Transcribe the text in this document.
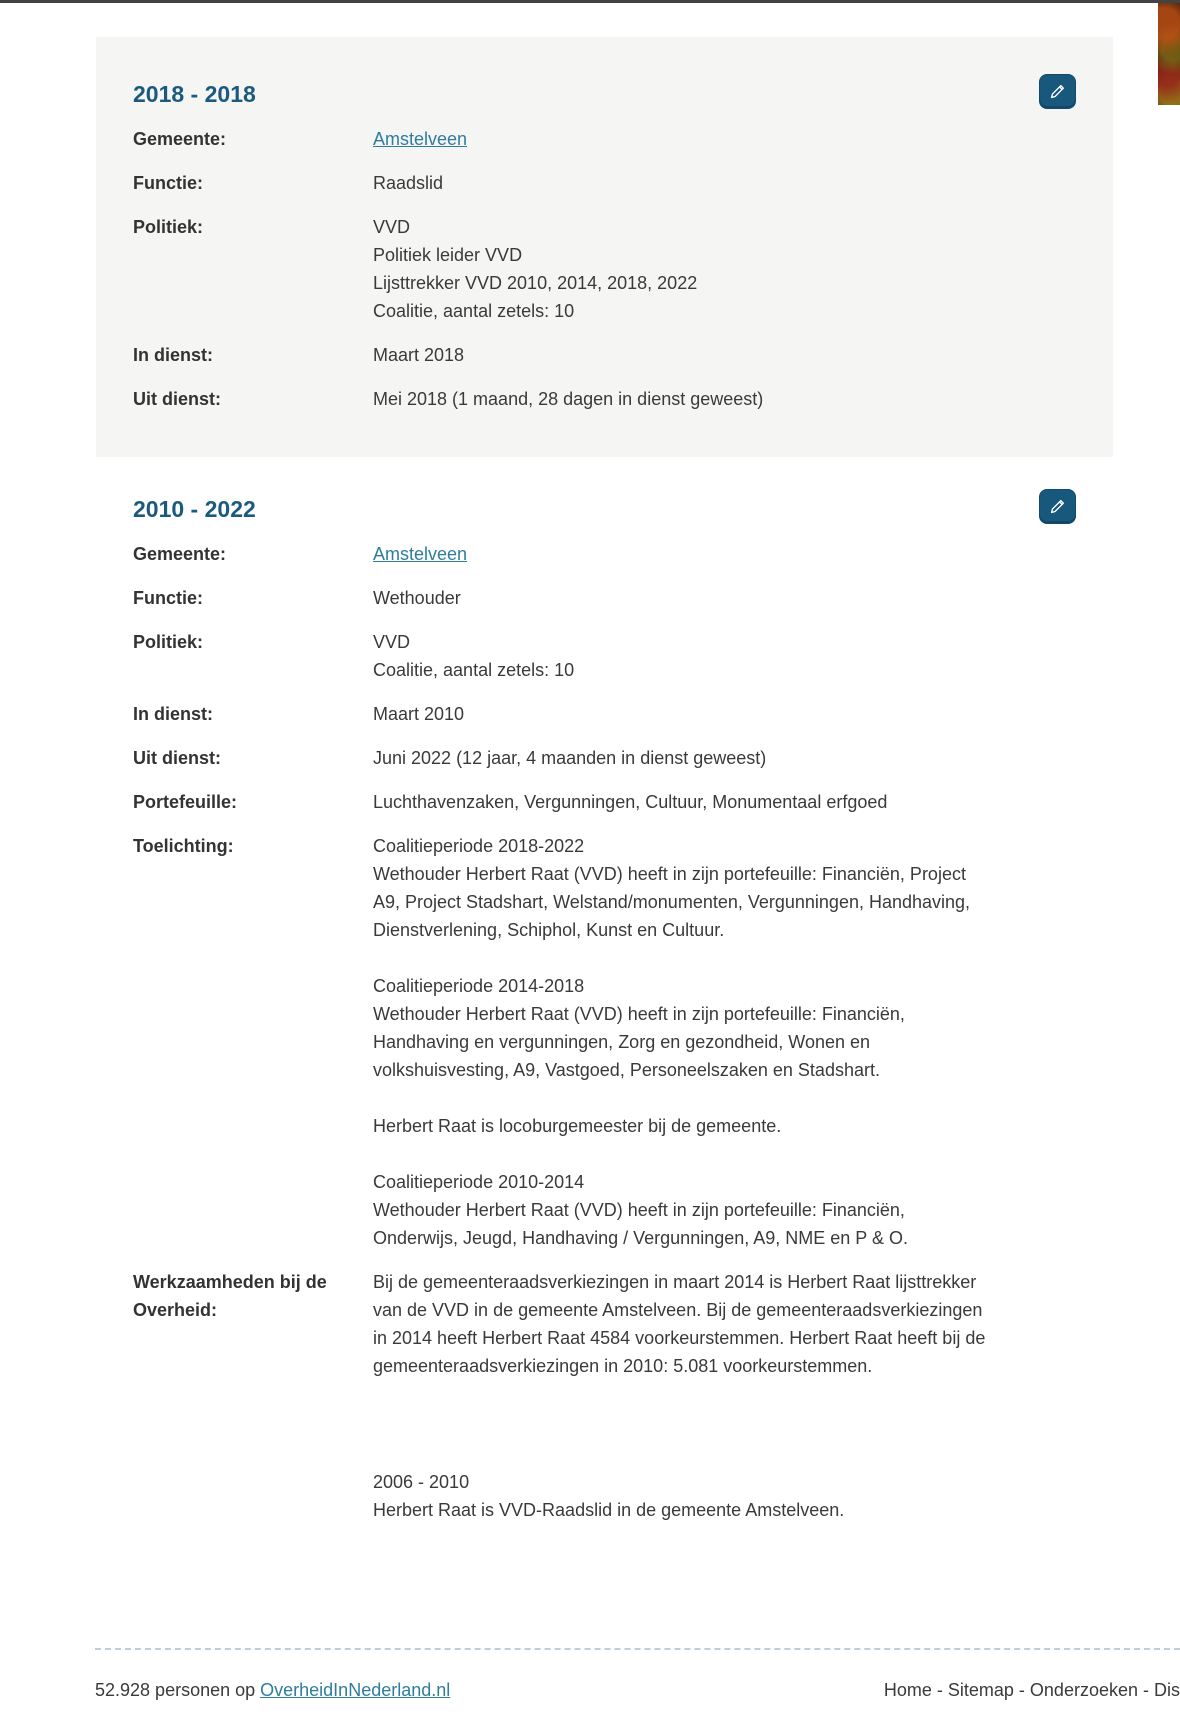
2018 - 2018
Gemeente:	Amstelveen
Functie:	Raadslid
Politiek:	VVD
Politiek leider VVD
Lijsttrekker VVD 2010, 2014, 2018, 2022
Coalitie, aantal zetels: 10
In dienst:	Maart 2018
Uit dienst:	Mei 2018 (1 maand, 28 dagen in dienst geweest)
2010 - 2022
Gemeente:	Amstelveen
Functie:	Wethouder
Politiek:	VVD
Coalitie, aantal zetels: 10
In dienst:	Maart 2010
Uit dienst:	Juni 2022 (12 jaar, 4 maanden in dienst geweest)
Portefeuille:	Luchthavenzaken, Vergunningen, Cultuur, Monumentaal erfgoed
Toelichting:	Coalitieperiode 2018-2022
Wethouder Herbert Raat (VVD) heeft in zijn portefeuille: Financiën, Project A9, Project Stadshart, Welstand/monumenten, Vergunningen, Handhaving, Dienstverlening, Schiphol, Kunst en Cultuur.
Coalitieperiode 2014-2018
Wethouder Herbert Raat (VVD) heeft in zijn portefeuille: Financiën, Handhaving en vergunningen, Zorg en gezondheid, Wonen en volkshuisvesting, A9, Vastgoed, Personeelszaken en Stadshart.
Herbert Raat is locoburgemeester bij de gemeente.
Coalitieperiode 2010-2014
Wethouder Herbert Raat (VVD) heeft in zijn portefeuille: Financiën, Onderwijs, Jeugd, Handhaving / Vergunningen, A9, NME en P & O.
Werkzaamheden bij de Overheid:
Bij de gemeenteraadsverkiezingen in maart 2014 is Herbert Raat lijsttrekker van de VVD in de gemeente Amstelveen. Bij de gemeenteraadsverkiezingen in 2014 heeft Herbert Raat 4584 voorkeurstemmen. Herbert Raat heeft bij de gemeenteraadsverkiezingen in 2010: 5.081 voorkeurstemmen.
2006 - 2010
Herbert Raat is VVD-Raadslid in de gemeente Amstelveen.
52.928 personen op OverheidInNederland.nl	Home - Sitemap - Onderzoeken - Dis
